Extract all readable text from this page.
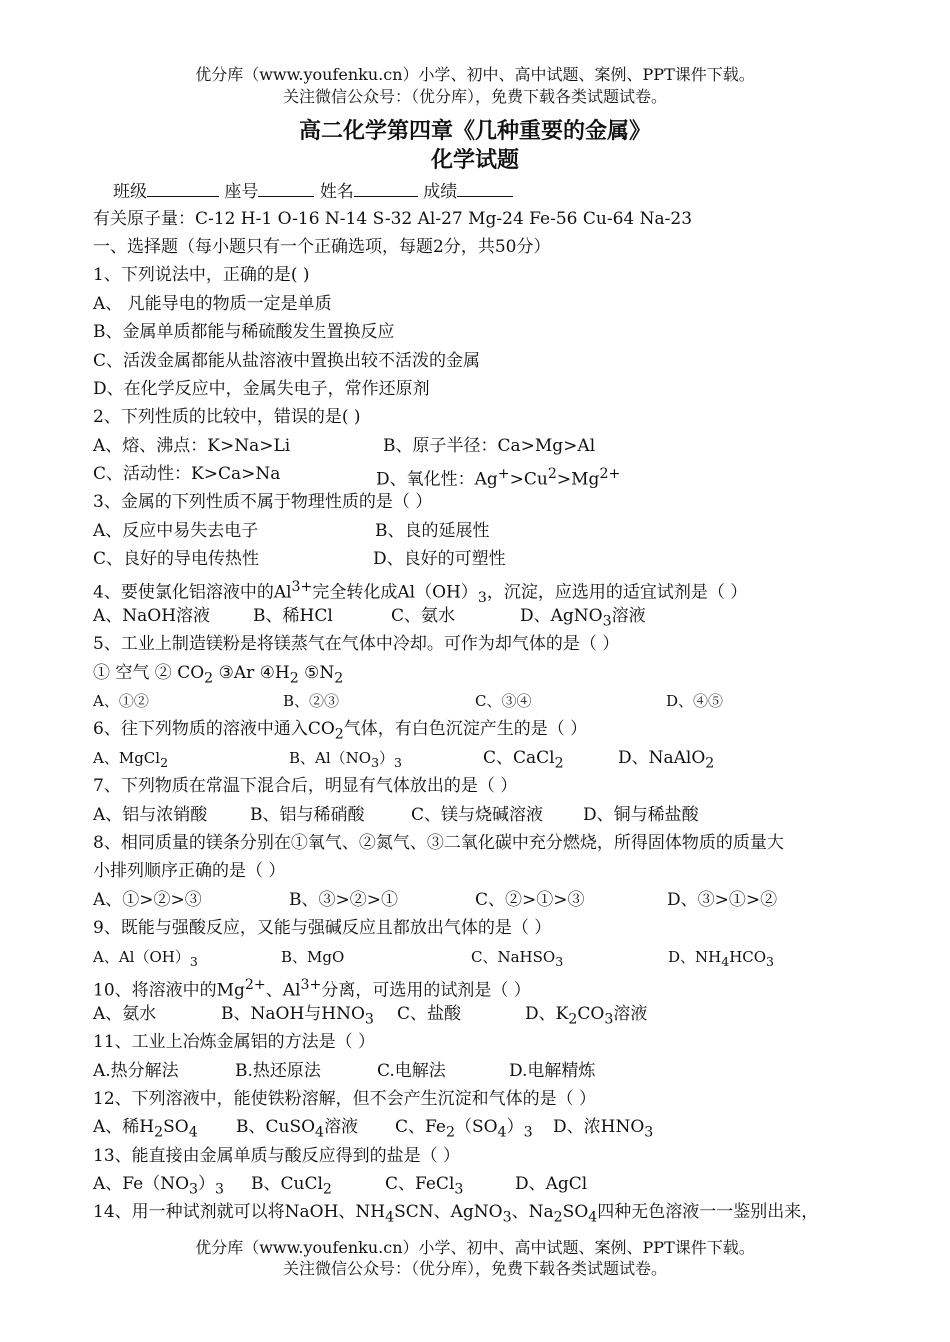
优分库（www.youfenku.cn）小学、初中、高中试题、案例、PPT课件下载。
关注微信公众号：（优分库），免费下载各类试题试卷。
高二化学第四章《几种重要的金属》
化学试题
班级	座号	姓名	成绩
有关原子量：C-12 H-1 O-16 N-14 S-32 Al-27 Mg-24 Fe-56 Cu-64 Na-23
一、选择题（每小题只有一个正确选项，每题2分，共50分）
1、下列说法中，正确的是( )
A、 凡能导电的物质一定是单质
B、金属单质都能与稀硫酸发生置换反应
C、活泼金属都能从盐溶液中置换出较不活泼的金属
D、在化学反应中，金属失电子，常作还原剂
2、下列性质的比较中，错误的是( )
A、熔、沸点：K>Na>Li	B、原子半径：Ca>Mg>Al
C、活动性：K>Ca>Na	D、氧化性：$Ag^+>Cu^2>Mg^{2+}$
3、金属的下列性质不属于物理性质的是（ ）
A、反应中易失去电子	B、良的延展性
C、良好的导电传热性	D、良好的可塑性
4、要使氯化铝溶液中的$Al^{3+}$完全转化成$Al(OH)_3$，沉淀，应选用的适宜试剂是（ ）
A、NaOH溶液	B、稀HCl	C、氨水	D、AgNO$_3$溶液
5、工业上制造镁粉是将镁蒸气在气体中冷却。可作为却气体的是（ ）
① 空气 ② $CO_2$ ③Ar $④H_2$ $⑤N_2$
A、①②	B、②③	C、③④	D、④⑤
6、往下列物质的溶液中通入$CO_2$气体，有白色沉淀产生的是（ ）
A、MgCl$_2$	B、$Al(NO_3)_3$	C、CaCl$_2$	D、NaAlO$_2$
7、下列物质在常温下混合后，明显有气体放出的是（ ）
A、铝与浓销酸	B、铝与稀硝酸	C、镁与烧碱溶液 D、铜与稀盐酸
8、相同质量的镁条分别在①氧气、②氮气、③二氧化碳中充分燃烧，所得固体物质的质量大
小排列顺序正确的是（ ）
A、①>②>③	B、③>②>①	C、②>①>③	D、③>①>②
9、既能与强酸反应，又能与强碱反应且都放出气体的是（ ）
A、$Al(OH)_3$	B、MgO	C、NaHSO$_3$	D、$NH_4HCO_3$
10、将溶液中的$Mg^{2+}$、$Al^{3+}$分离，可选用的试剂是（ ）
A、氨水	B、NaOH与$HNO_3$ C、盐酸	D、$K_2CO_3$溶液
11、工业上冶炼金属铝的方法是（ ）
A.热分解法	B.热还原法	C.电解法	D.电解精炼
12、下列溶液中，能使铁粉溶解，但不会产生沉淀和气体的是（ ）
A、稀$H_2SO_4$ B、CuSO$_4$溶液 C、$Fe_2(SO_4)_3$ D、浓$HNO_3$
13、能直接由金属单质与酸反应得到的盐是（ ）
A、$Fe(NO_3)_3$ B、CuCl$_2$	C、FeCl$_3$	D、AgCl
14、用一种试剂就可以将NaOH、$NH_4SCN$、AgNO$_3$、$Na_2SO_4$四种无色溶液一一鉴别出来，
优分库（www.youfenku.cn）小学、初中、高中试题、案例、PPT课件下载。
关注微信公众号：（优分库），免费下载各类试题试卷。
